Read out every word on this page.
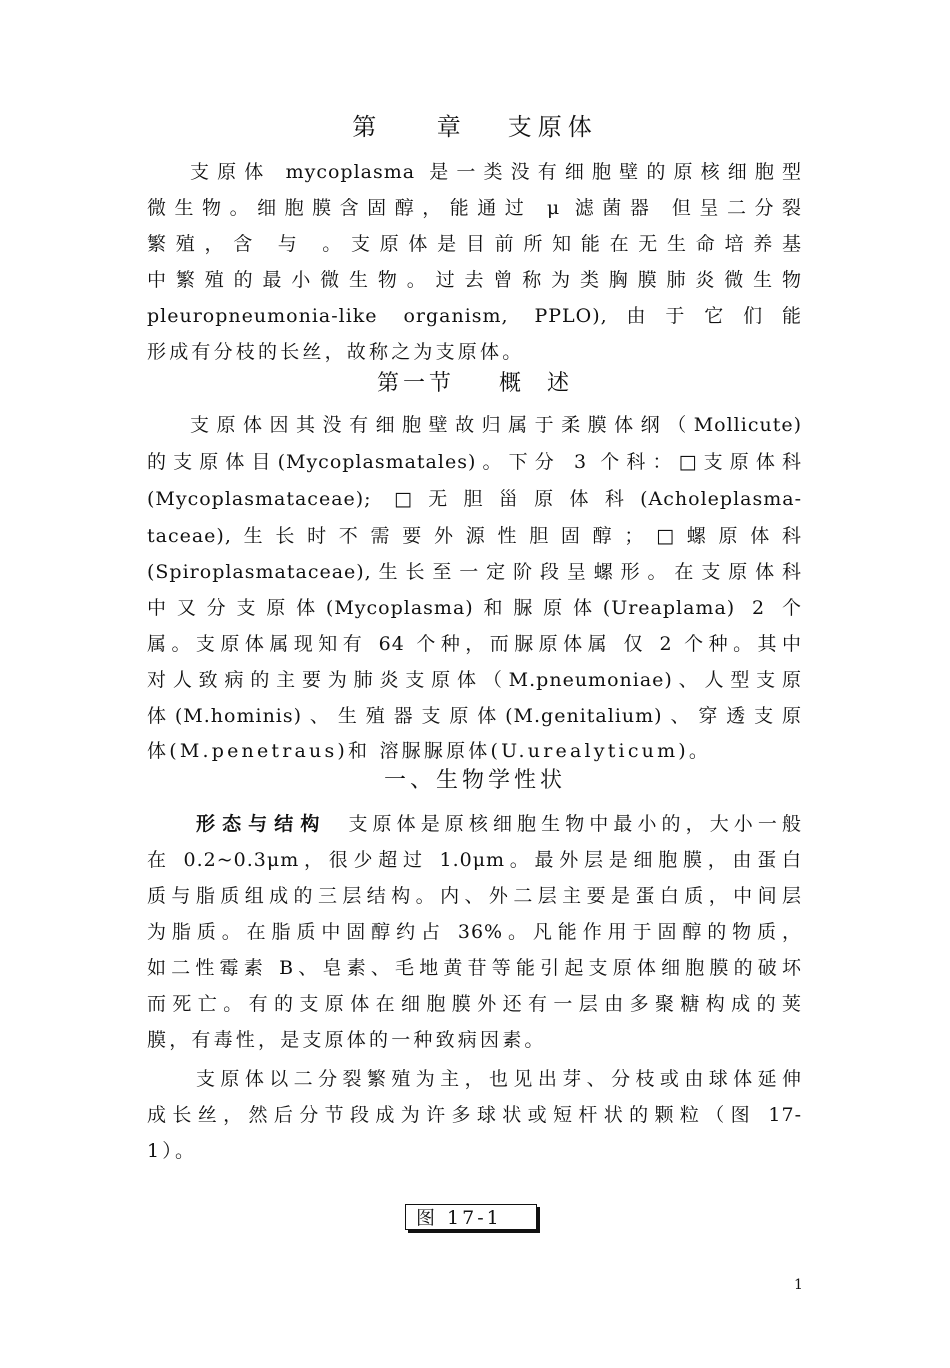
第    章   支原体
支原体 mycoplasma 是一类没有细胞壁的原核细胞型
微生物。细胞膜含固醇，能通过 μ 滤菌器 但呈二分裂
繁殖，含 与 。支原体是目前所知能在无生命培养基
中繁殖的最小微生物。过去曾称为类胸膜肺炎微生物
pleuropneumonia-like organism, PPLO),由于它们能
形成有分枝的长丝，故称之为支原体。
第一节    概  述
支原体因其没有细胞壁故归属于柔膜体纲（Mollicute)
的支原体目(Mycoplasmatales)。下分 3 个科：□支原体科
(Mycoplasmataceae); □无胆甾原体科(Acholeplasma-
taceae),生长时不需要外源性胆固醇；□螺原体科
(Spiroplasmataceae),生长至一定阶段呈螺形。在支原体科
中又分支原体(Mycoplasma)和脲原体(Ureaplama) 2 个
属。支原体属现知有 64 个种，而脲原体属 仅 2 个种。其中
对人致病的主要为肺炎支原体（M.pneumoniae)、人型支原
体(M.hominis)、生殖器支原体(M.genitalium)、穿透支原
体(M.penetraus)和 溶脲脲原体(U.urealyticum)。
一、生物学性状
形态与结构 支原体是原核细胞生物中最小的，大小一般
在 0.2~0.3μm，很少超过 1.0μm。最外层是细胞膜，由蛋白
质与脂质组成的三层结构。内、外二层主要是蛋白质，中间层
为脂质。在脂质中固醇约占 36%。凡能作用于固醇的物质，
如二性霉素 B、皂素、毛地黄苷等能引起支原体细胞膜的破坏
而死亡。有的支原体在细胞膜外还有一层由多聚糖构成的荚
膜，有毒性，是支原体的一种致病因素。
支原体以二分裂繁殖为主，也见出芽、分枝或由球体延伸
成长丝，然后分节段成为许多球状或短杆状的颗粒（图 17-
1）。
图 17-1
1
